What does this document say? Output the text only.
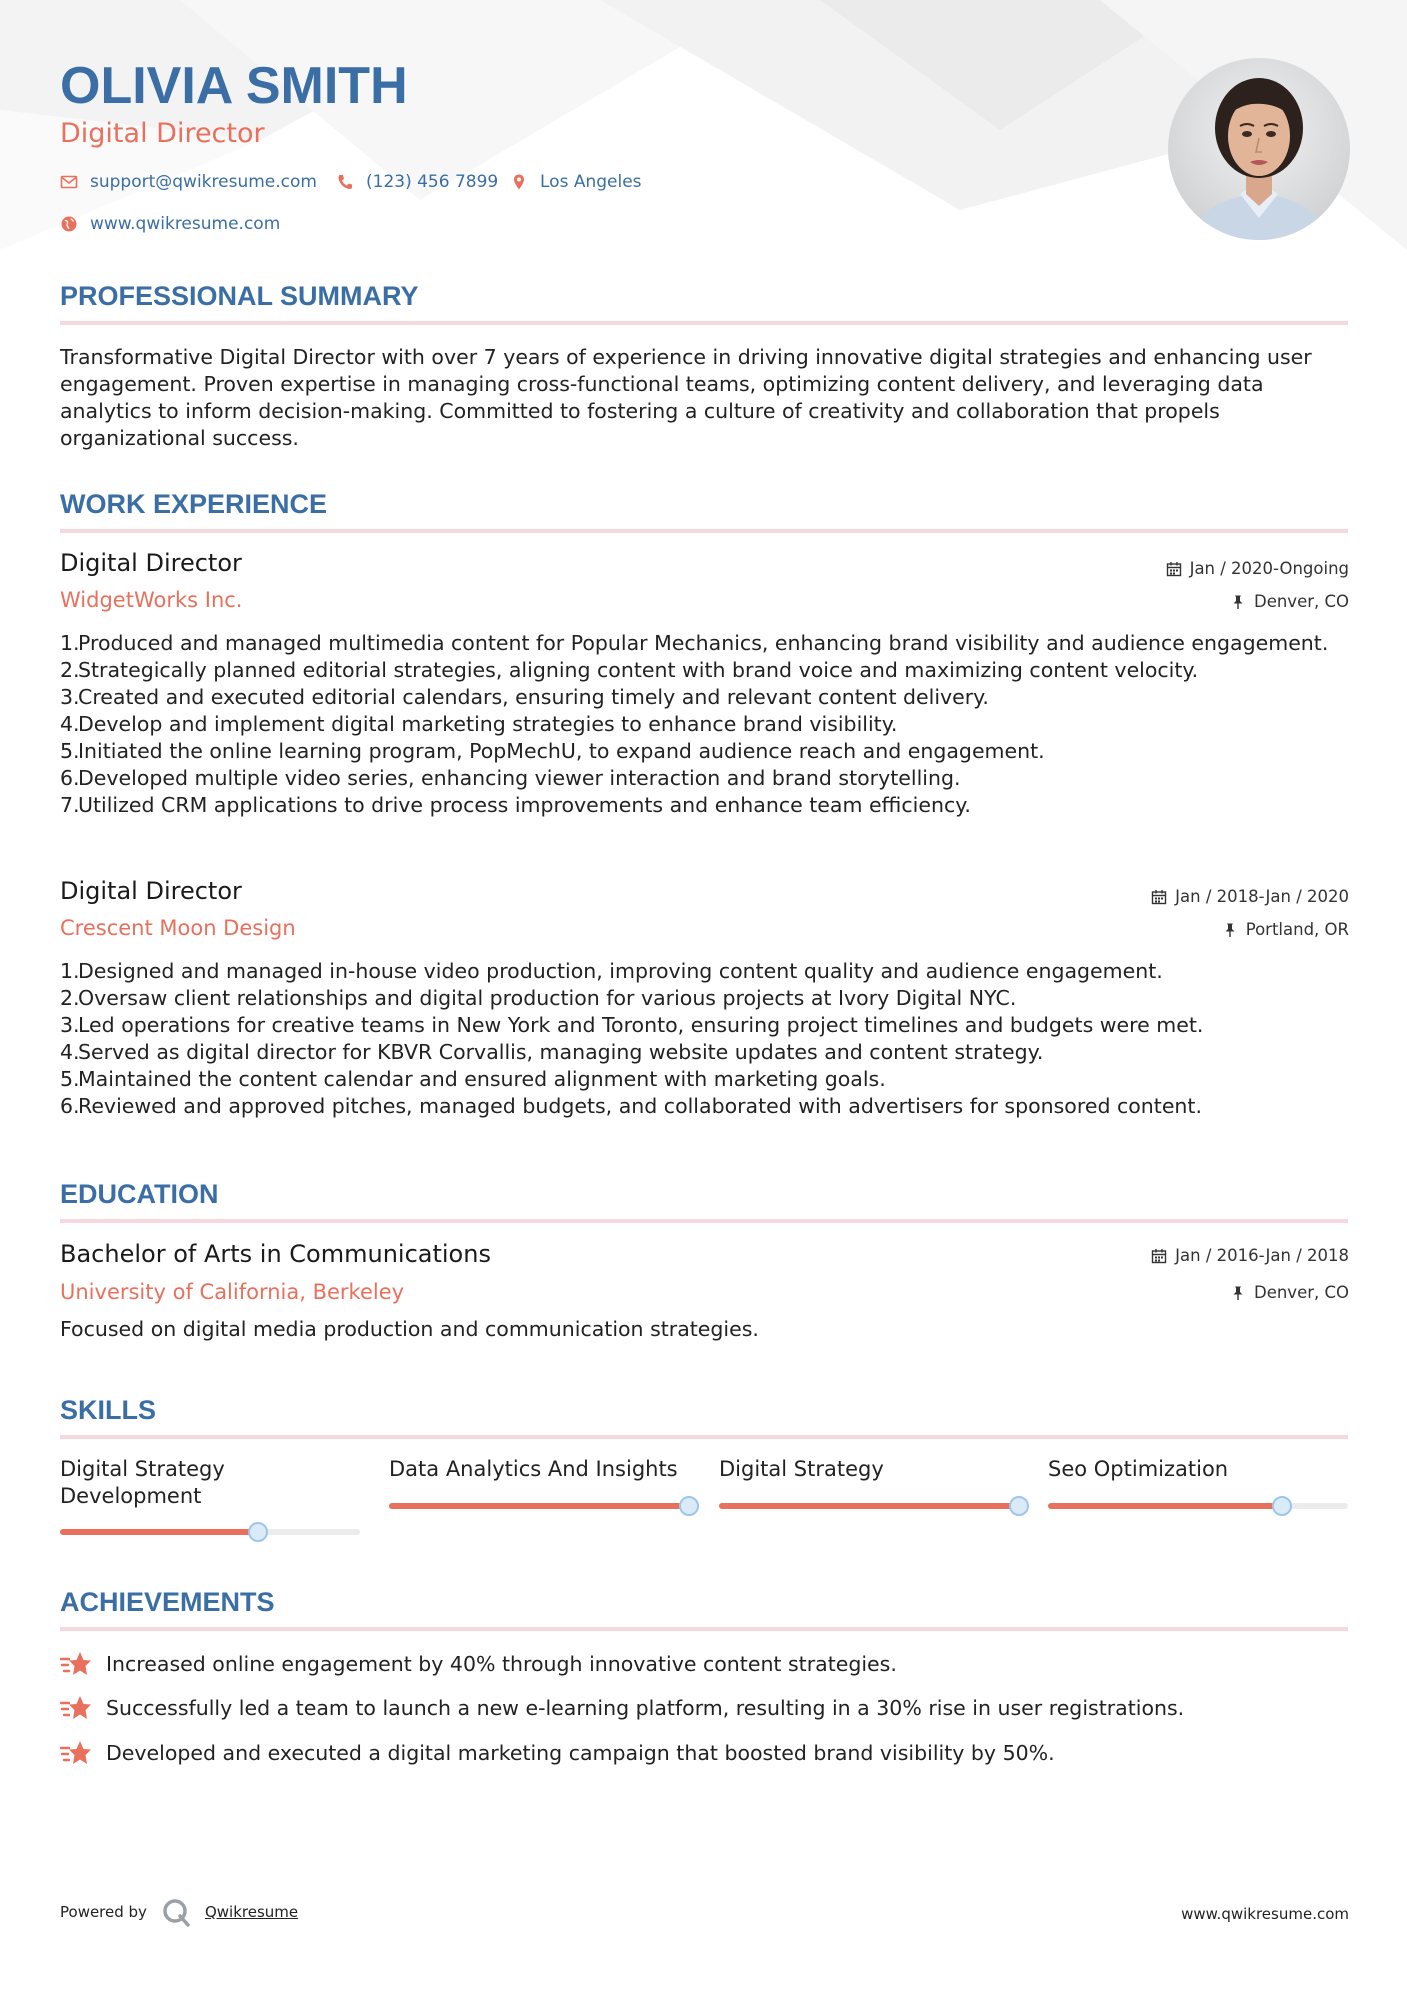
OLIVIA SMITH
Digital Director
support@qwikresume.com	(123) 456 7899 Los Angeles
www.qwikresume.com
PROFESSIONAL SUMMARY

Transformative Digital Director with over 7 years of experience in driving innovative digital strategies and enhancing user engagement. Proven expertise in managing cross-functional teams, optimizing content delivery, and leveraging data analytics to inform decision-making. Committed to fostering a culture of creativity and collaboration that propels organizational success.

WORK EXPERIENCE
Digital Director	Jan / 2020-Ongoing
WidgetWorks Inc.	Denver, CO
1.
Produced and managed multimedia content for Popular Mechanics, enhancing brand visibility and audience engagement.
2.
Strategically planned editorial strategies, aligning content with brand voice and maximizing content velocity.
3.
Created and executed editorial calendars, ensuring timely and relevant content delivery.
4.
Develop and implement digital marketing strategies to enhance brand visibility.
5.
Initiated the online learning program, PopMechU, to expand audience reach and engagement.
6.
Developed multiple video series, enhancing viewer interaction and brand storytelling.
7.
Utilized CRM applications to drive process improvements and enhance team efficiency.
Digital Director	Jan / 2018-Jan / 2020
Crescent Moon Design	Portland, OR
1.
Designed and managed in-house video production, improving content quality and audience engagement.
2.
Oversaw client relationships and digital production for various projects at Ivory Digital NYC.
3.
Led operations for creative teams in New York and Toronto, ensuring project timelines and budgets were met.
4.
Served as digital director for KBVR Corvallis, managing website updates and content strategy.
5.
Maintained the content calendar and ensured alignment with marketing goals.
6.
Reviewed and approved pitches, managed budgets, and collaborated with advertisers for sponsored content.
EDUCATION
Bachelor of Arts in Communications	Jan / 2016-Jan / 2018
University of California, Berkeley	Denver, CO

Focused on digital media production and communication strategies.

SKILLS
Digital Strategy Development
Data Analytics And Insights Digital Strategy	Seo Optimization
ACHIEVEMENTS
Increased online engagement by 40% through innovative content strategies.
Successfully led a team to launch a new e-learning platform, resulting in a 30% rise in user registrations.
Developed and executed a digital marketing campaign that boosted brand visibility by 50%.
Powered by	Qwikresume	www.qwikresume.com
